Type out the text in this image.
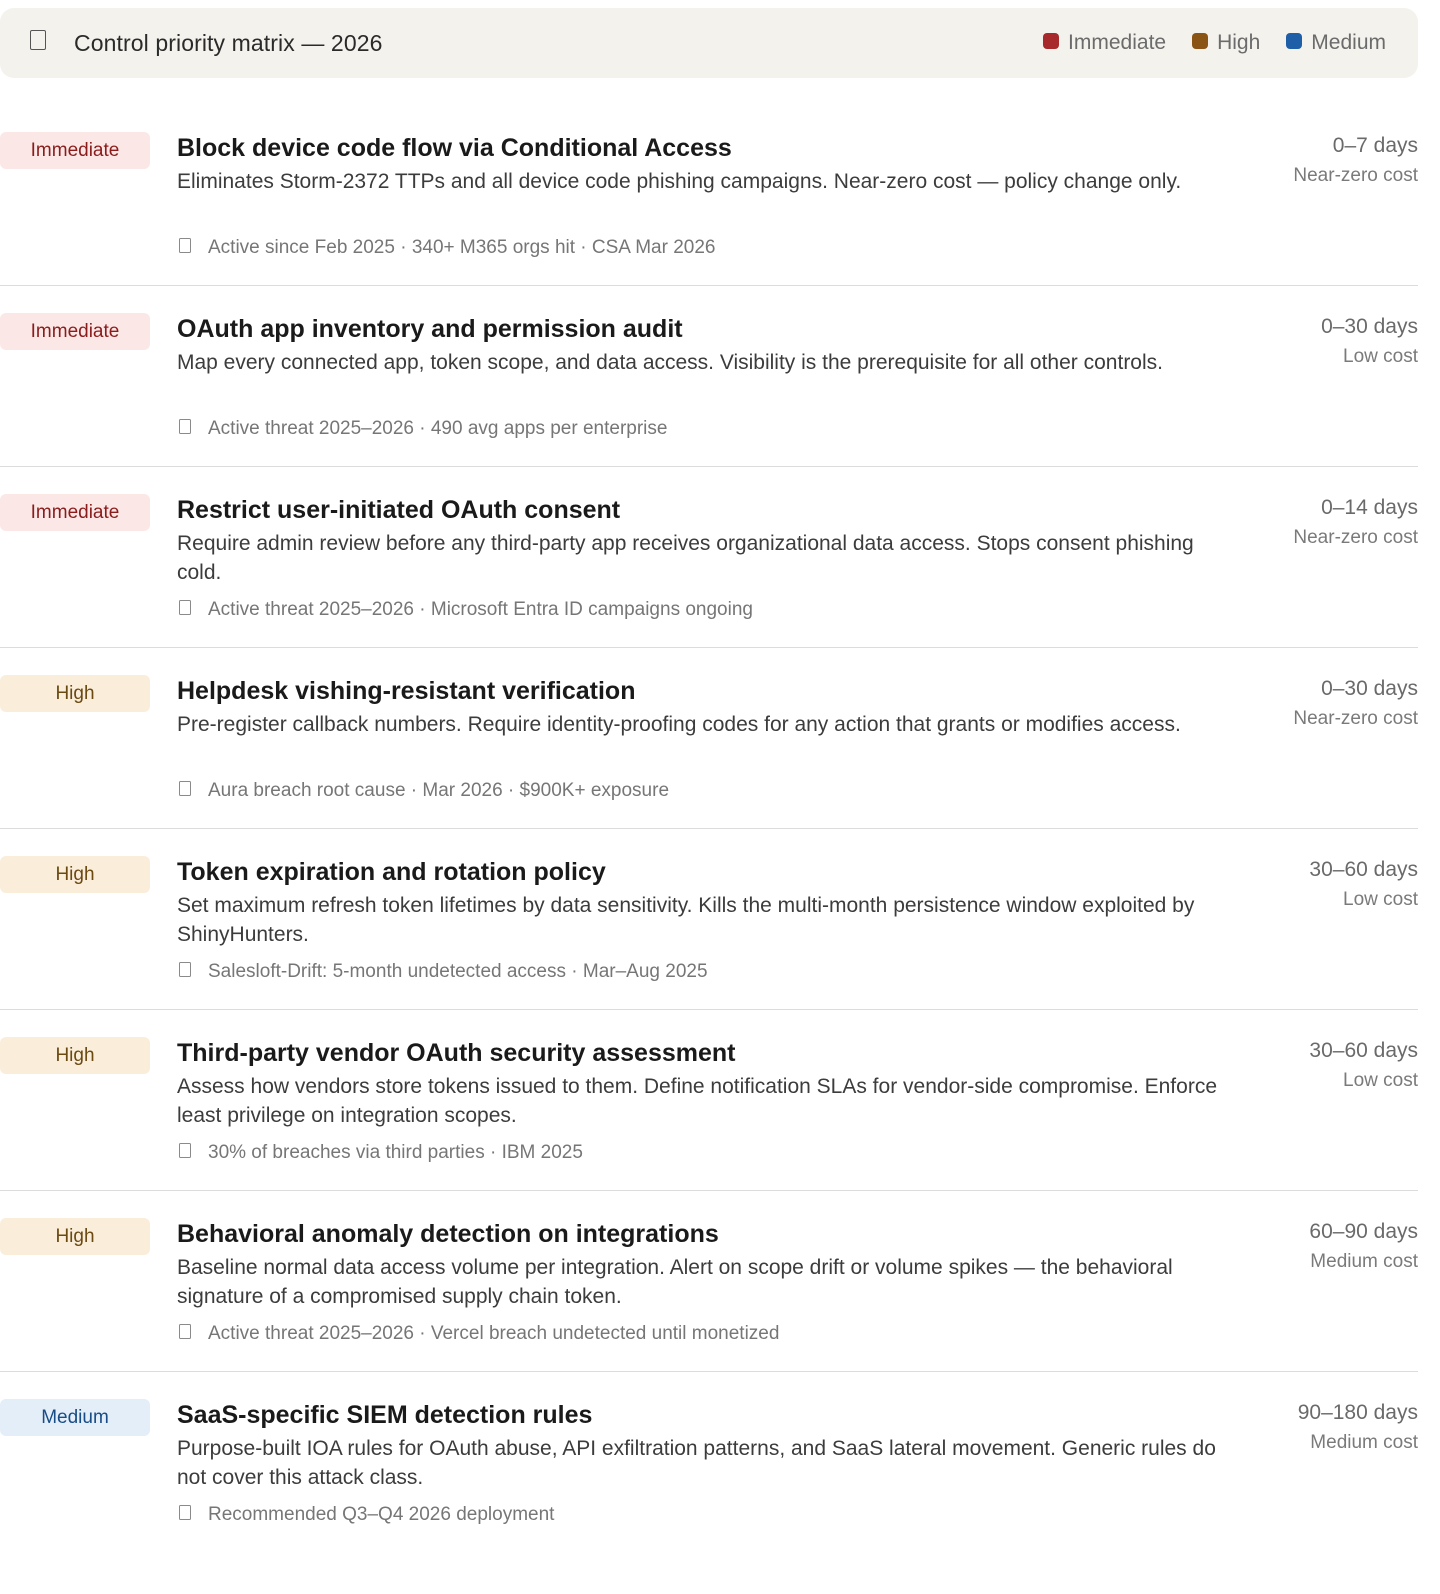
Control priority matrix — 2026	Immediate High Medium
Immediate	Block device code flow via Conditional Access
Eliminates Storm-2372 TTPs and all device code phishing campaigns. Near-zero cost — policy change only.
Active since Feb 2025 · 340+ M365 orgs hit · CSA Mar 2026
0–7 days
Near-zero cost
Immediate	OAuth app inventory and permission audit
Map every connected app, token scope, and data access. Visibility is the prerequisite for all other controls.
Active threat 2025–2026 · 490 avg apps per enterprise
0–30 days
Low cost
Immediate	Restrict user-initiated OAuth consent
Require admin review before any third-party app receives organizational data access. Stops consent phishing cold.
Active threat 2025–2026 · Microsoft Entra ID campaigns ongoing
0–14 days
Near-zero cost
High	Helpdesk vishing-resistant verification
Pre-register callback numbers. Require identity-proofing codes for any action that grants or modifies access.
Aura breach root cause · Mar 2026 · $900K+ exposure
0–30 days
Near-zero cost
High	Token expiration and rotation policy
Set maximum refresh token lifetimes by data sensitivity. Kills the multi-month persistence window exploited by ShinyHunters.
Salesloft-Drift: 5-month undetected access · Mar–Aug 2025
30–60 days
Low cost
High	Third-party vendor OAuth security assessment
Assess how vendors store tokens issued to them. Define notification SLAs for vendor-side compromise. Enforce least privilege on integration scopes.
30% of breaches via third parties · IBM 2025
30–60 days
Low cost
High	Behavioral anomaly detection on integrations
Baseline normal data access volume per integration. Alert on scope drift or volume spikes — the behavioral signature of a compromised supply chain token.
Active threat 2025–2026 · Vercel breach undetected until monetized
60–90 days
Medium cost
Medium	SaaS-specific SIEM detection rules
Purpose-built IOA rules for OAuth abuse, API exfiltration patterns, and SaaS lateral movement. Generic rules do not cover this attack class.
Recommended Q3–Q4 2026 deployment
90–180 days
Medium cost
